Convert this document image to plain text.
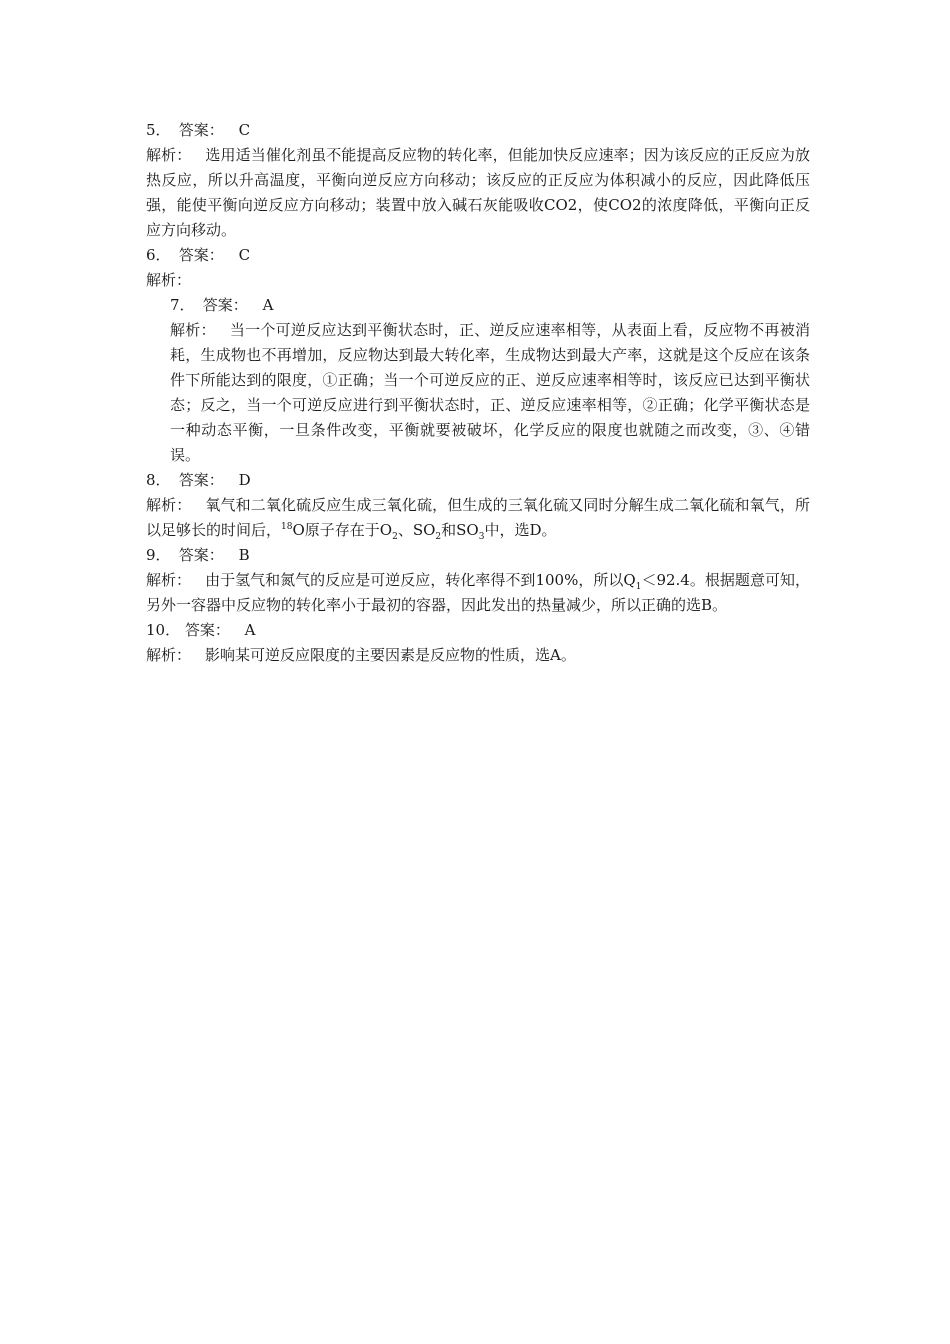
5． 答案： C

解析： 选用适当催化剂虽不能提高反应物的转化率，但能加快反应速率；因为该反应的正反应为放热反应，所以升高温度，平衡向逆反应方向移动；该反应的正反应为体积减小的反应，因此降低压强，能使平衡向逆反应方向移动；装置中放入碱石灰能吸收CO2，使CO2的浓度降低，平衡向正反应方向移动。

6． 答案： C

解析：

7． 答案： A

解析： 当一个可逆反应达到平衡状态时，正、逆反应速率相等，从表面上看，反应物不再被消耗，生成物也不再增加，反应物达到最大转化率，生成物达到最大产率，这就是这个反应在该条件下所能达到的限度，①正确；当一个可逆反应的正、逆反应速率相等时，该反应已达到平衡状态；反之，当一个可逆反应进行到平衡状态时，正、逆反应速率相等，②正确；化学平衡状态是一种动态平衡，一旦条件改变，平衡就要被破坏，化学反应的限度也就随之而改变，③、④错误。

8． 答案： D

解析： 氧气和二氧化硫反应生成三氧化硫，但生成的三氧化硫又同时分解生成二氧化硫和氧气，所以足够长的时间后，$^{18}$O原子存在于$O_2$、$SO_2$和$SO_3$中，选D。

9． 答案： B

解析： 由于氢气和氮气的反应是可逆反应，转化率得不到100%，所以$Q_1<92.4$。根据题意可知，另外一容器中反应物的转化率小于最初的容器，因此发出的热量减少，所以正确的选B。

10． 答案： A

解析： 影响某可逆反应限度的主要因素是反应物的性质，选A。
